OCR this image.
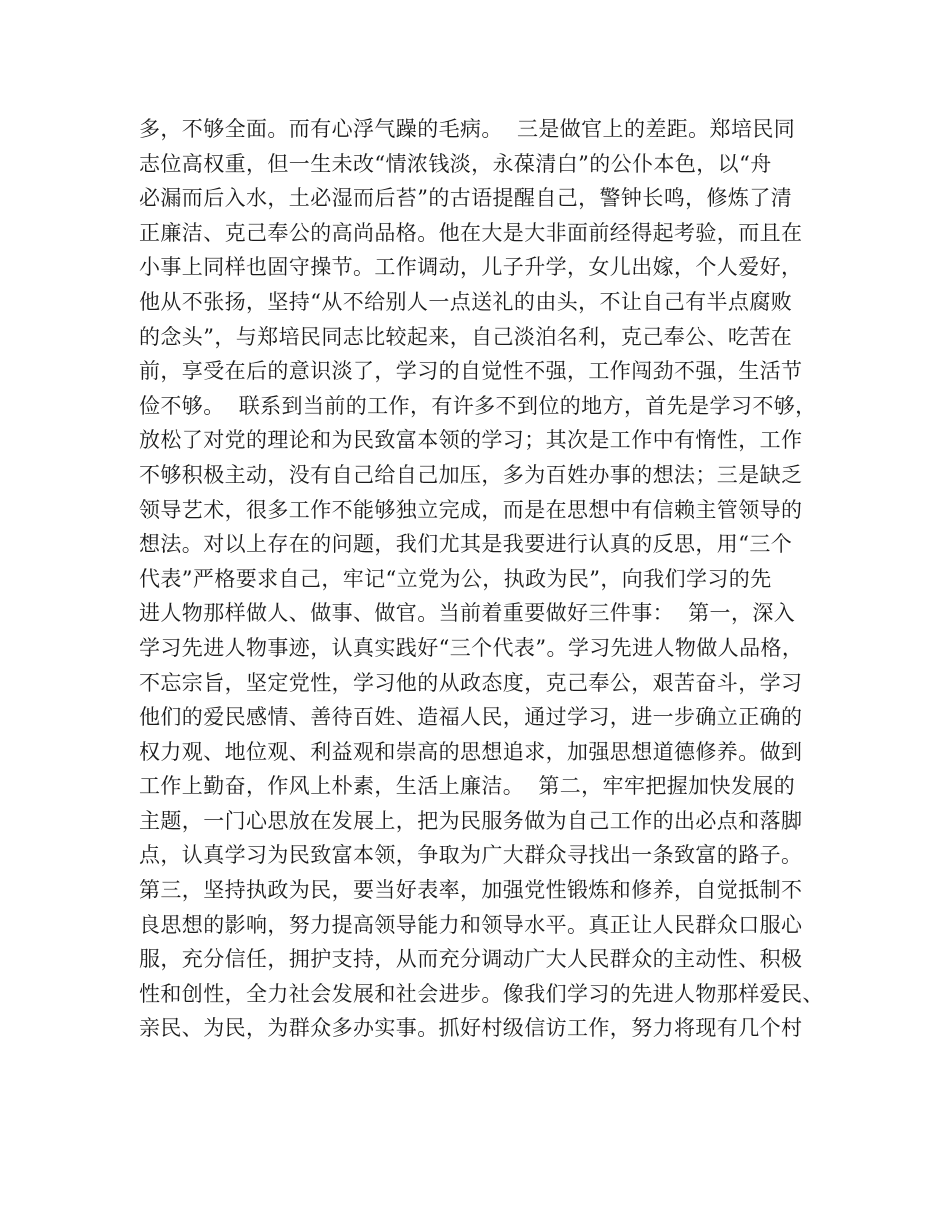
多，不够全面。而有心浮气躁的毛病。  三是做官上的差距。郑培民同
志位高权重，但一生未改“情浓钱淡，永葆清白”的公仆本色，以“舟
必漏而后入水，土必湿而后苔”的古语提醒自己，警钟长鸣，修炼了清
正廉洁、克己奉公的高尚品格。他在大是大非面前经得起考验，而且在
小事上同样也固守操节。工作调动，儿子升学，女儿出嫁，个人爱好，
他从不张扬，坚持“从不给别人一点送礼的由头，不让自己有半点腐败
的念头”，与郑培民同志比较起来，自己淡泊名利，克己奉公、吃苦在
前，享受在后的意识淡了，学习的自觉性不强，工作闯劲不强，生活节
俭不够。  联系到当前的工作，有许多不到位的地方，首先是学习不够，
放松了对党的理论和为民致富本领的学习；其次是工作中有惰性，工作
不够积极主动，没有自己给自己加压，多为百姓办事的想法；三是缺乏
领导艺术，很多工作不能够独立完成，而是在思想中有信赖主管领导的
想法。对以上存在的问题，我们尤其是我要进行认真的反思，用“三个
代表”严格要求自己，牢记“立党为公，执政为民”，向我们学习的先
进人物那样做人、做事、做官。当前着重要做好三件事：  第一，深入
学习先进人物事迹，认真实践好“三个代表”。学习先进人物做人品格，
不忘宗旨，坚定党性，学习他的从政态度，克己奉公，艰苦奋斗，学习
他们的爱民感情、善待百姓、造福人民，通过学习，进一步确立正确的
权力观、地位观、利益观和崇高的思想追求，加强思想道德修养。做到
工作上勤奋，作风上朴素，生活上廉洁。  第二，牢牢把握加快发展的
主题，一门心思放在发展上，把为民服务做为自己工作的出必点和落脚
点，认真学习为民致富本领，争取为广大群众寻找出一条致富的路子。
第三，坚持执政为民，要当好表率，加强党性锻炼和修养，自觉抵制不
良思想的影响，努力提高领导能力和领导水平。真正让人民群众口服心
服，充分信任，拥护支持，从而充分调动广大人民群众的主动性、积极
性和创性，全力社会发展和社会进步。像我们学习的先进人物那样爱民、
亲民、为民，为群众多办实事。抓好村级信访工作，努力将现有几个村
